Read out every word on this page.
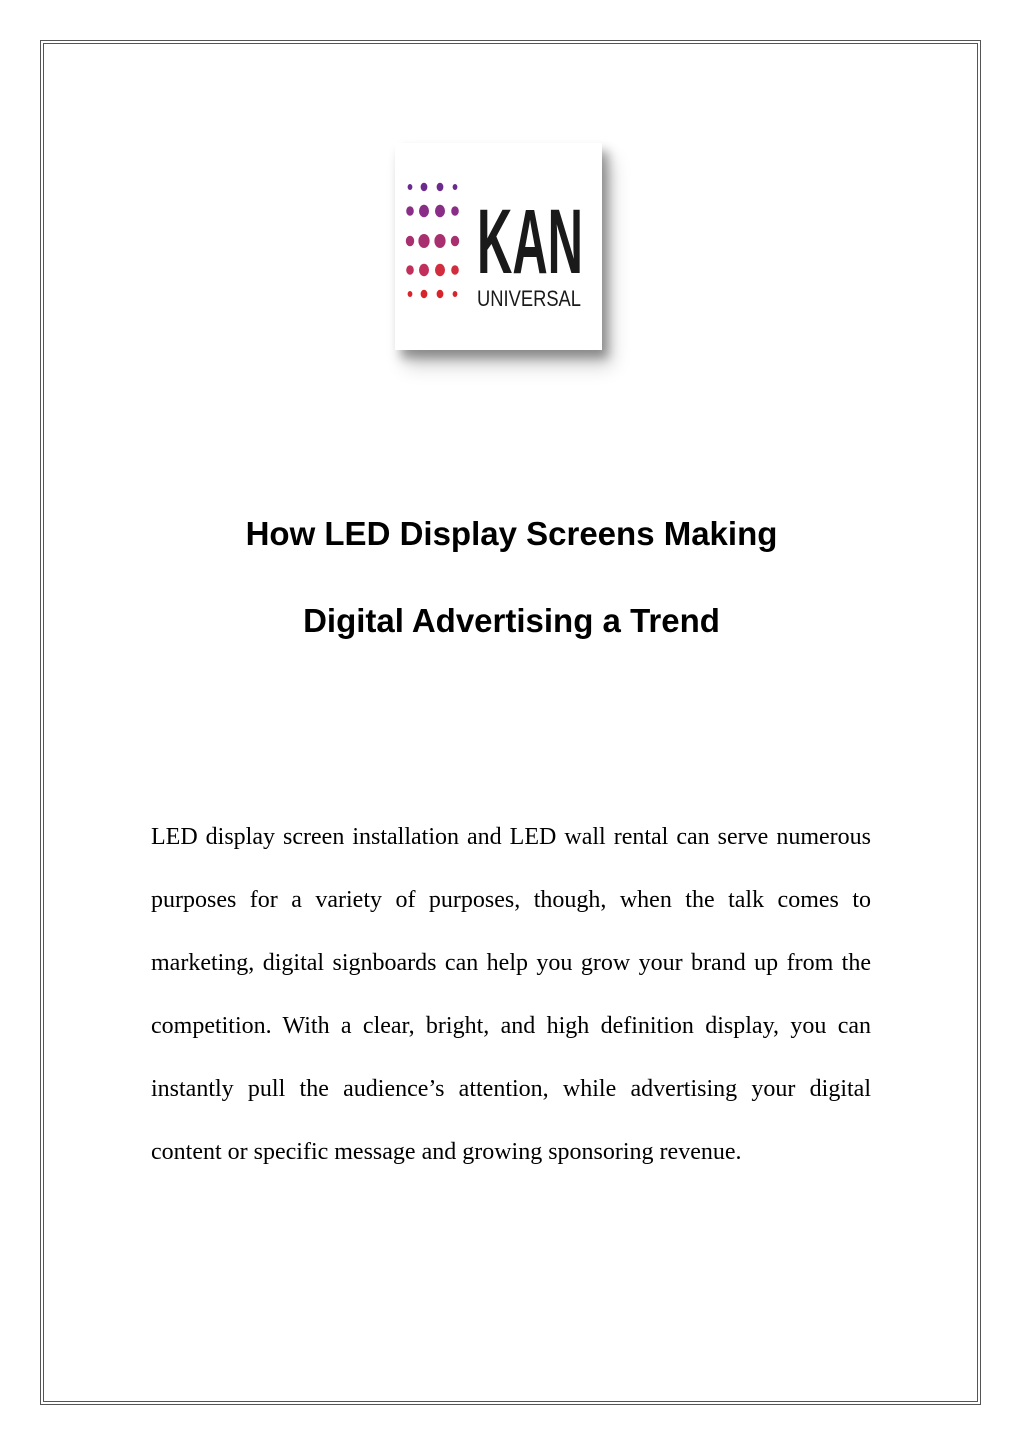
KAN
UNIVERSAL
How LED Display Screens Making
Digital Advertising a Trend

LED display screen installation and LED wall rental can serve numerous purposes for a variety of purposes, though, when the talk comes to marketing, digital signboards can help you grow your brand up from the competition. With a clear, bright, and high definition display, you can instantly pull the audience’s attention, while advertising your digital content or specific message and growing sponsoring revenue.
